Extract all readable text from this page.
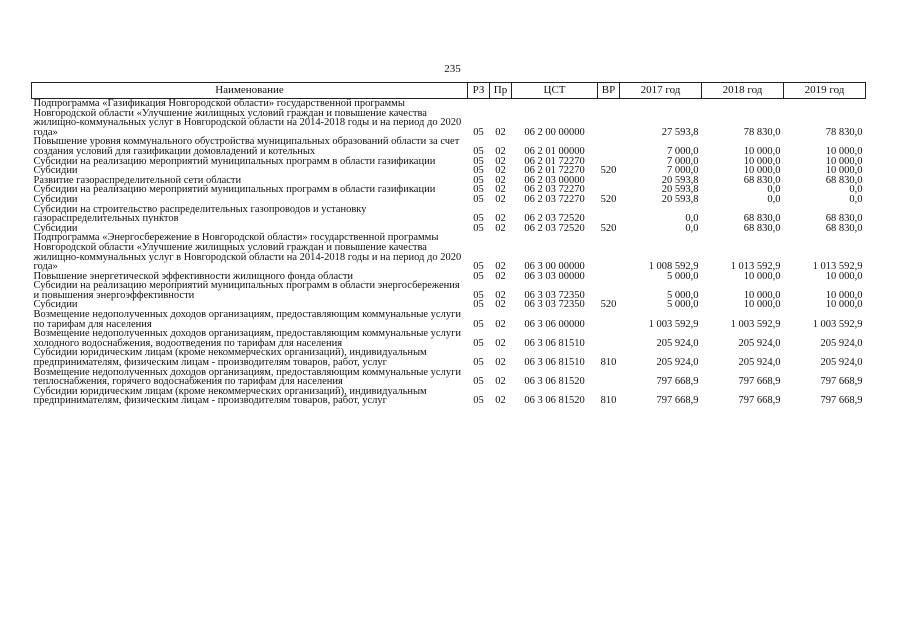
235
Наименование	РЗ	Пр	ЦСТ	ВР	2017 год	2018 год	2019 год
Подпрограмма «Газификация Новгородской области» государственной программы Новгородской области «Улучшение жилищных условий граждан и повышение качества жилищно-коммунальных услуг в Новгородской области на 2014-2018 годы и на период до 2020 года»	05	02	06 2 00 00000		27 593,8	78 830,0	78 830,0
Повышение уровня коммунального обустройства муниципальных образований области за счет создания условий для газификации домовладений и котельных	05	02	06 2 01 00000		7 000,0	10 000,0	10 000,0
Субсидии на реализацию мероприятий муниципальных программ в области газификации	05	02	06 2 01 72270		7 000,0	10 000,0	10 000,0
Субсидии	05	02	06 2 01 72270	520	7 000,0	10 000,0	10 000,0
Развитие газораспределительной сети области	05	02	06 2 03 00000		20 593,8	68 830,0	68 830,0
Субсидии на реализацию мероприятий муниципальных программ в области газификации	05	02	06 2 03 72270		20 593,8	0,0	0,0
Субсидии	05	02	06 2 03 72270	520	20 593,8	0,0	0,0
Субсидии на строительство распределительных газопроводов и установку газораспределительных пунктов	05	02	06 2 03 72520		0,0	68 830,0	68 830,0
Субсидии	05	02	06 2 03 72520	520	0,0	68 830,0	68 830,0
Подпрограмма «Энергосбережение в Новгородской области» государственной программы Новгородской области «Улучшение жилищных условий граждан и повышение качества жилищно-коммунальных услуг в Новгородской области на 2014-2018 годы и на период до 2020 года»	05	02	06 3 00 00000		1 008 592,9	1 013 592,9	1 013 592,9
Повышение энергетической эффективности жилищного фонда области	05	02	06 3 03 00000		5 000,0	10 000,0	10 000,0
Субсидии на реализацию мероприятий муниципальных программ в области энергосбережения и повышения энергоэффективности	05	02	06 3 03 72350		5 000,0	10 000,0	10 000,0
Субсидии	05	02	06 3 03 72350	520	5 000,0	10 000,0	10 000,0
Возмещение недополученных доходов организациям, предоставляющим коммунальные услуги по тарифам для населения	05	02	06 3 06 00000		1 003 592,9	1 003 592,9	1 003 592,9
Возмещение недополученных доходов организациям, предоставляющим коммунальные услуги холодного водоснабжения, водоотведения по тарифам для населения	05	02	06 3 06 81510		205 924,0	205 924,0	205 924,0
Субсидии юридическим лицам (кроме некоммерческих организаций), индивидуальным предпринимателям, физическим лицам - производителям товаров, работ, услуг	05	02	06 3 06 81510	810	205 924,0	205 924,0	205 924,0
Возмещение недополученных доходов организациям, предоставляющим коммунальные услуги теплоснабжения, горячего водоснабжения по тарифам для населения	05	02	06 3 06 81520		797 668,9	797 668,9	797 668,9
Субсидии юридическим лицам (кроме некоммерческих организаций), индивидуальным предпринимателям, физическим лицам - производителям товаров, работ, услуг	05	02	06 3 06 81520	810	797 668,9	797 668,9	797 668,9
